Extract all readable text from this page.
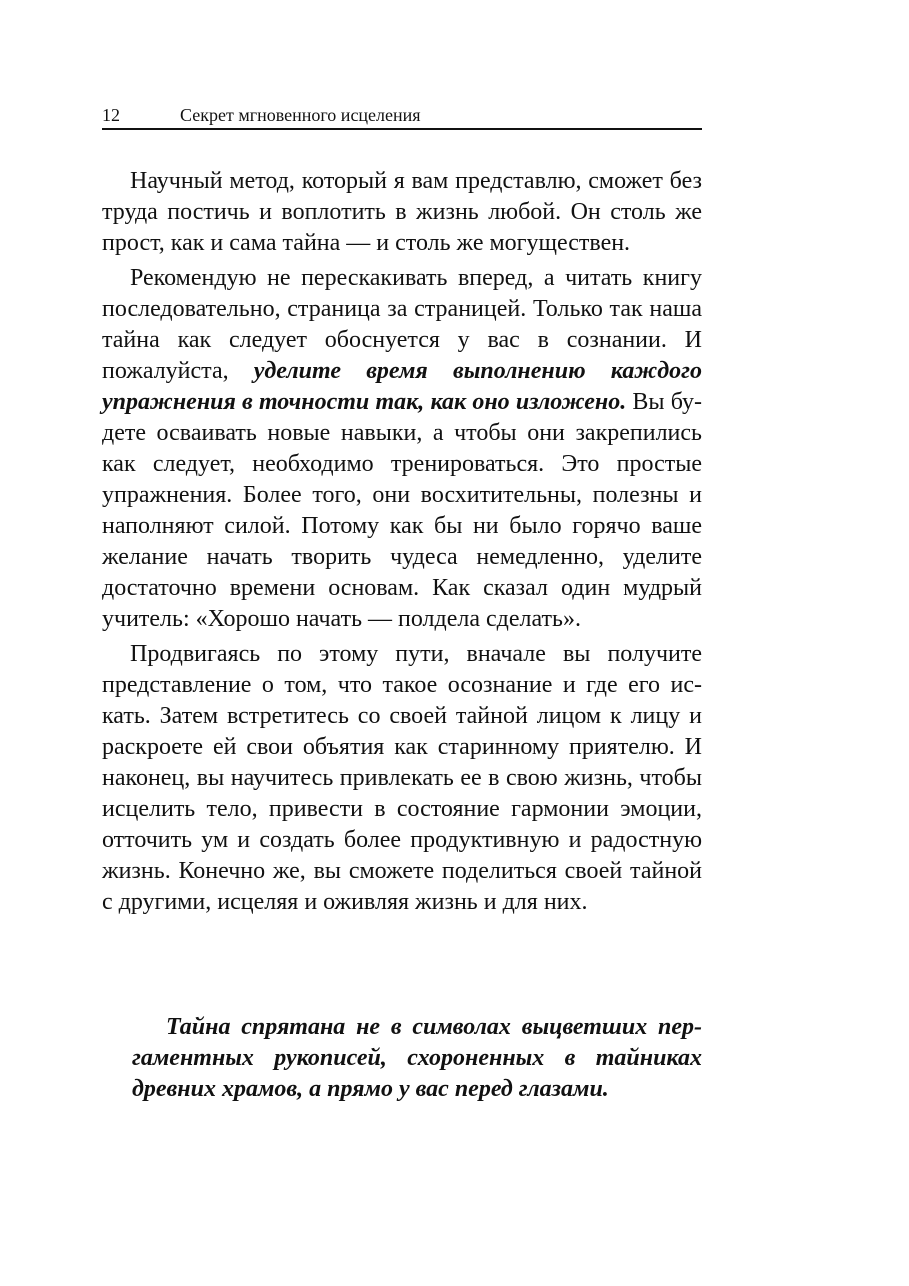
12	Секрет мгновенного исцеления

Научный метод, который я вам представлю, сможет без труда постичь и воплотить в жизнь любой. Он столь же прост, как и сама тайна — и столь же могуществен.

Рекомендую не перескакивать вперед, а читать книгу последовательно, страница за страницей. Только так наша тайна как следует обоснуется у вас в сознании. И пожалуйста, уделите время выполнению каждого упражнения в точности так, как оно изложено. Вы будете осваивать новые навыки, а чтобы они закрепились как следует, необходимо тренироваться. Это простые упражнения. Более того, они восхитительны, полезны и наполняют силой. Потому как бы ни было горячо ваше желание начать творить чудеса немедленно, уделите достаточно времени основам. Как сказал один мудрый учитель: «Хорошо начать — полдела сделать».

Продвигаясь по этому пути, вначале вы получите представление о том, что такое осознание и где его искать. Затем встретитесь со своей тайной лицом к лицу и раскроете ей свои объятия как старинному приятелю. И наконец, вы научитесь привлекать ее в свою жизнь, чтобы исцелить тело, привести в состояние гармонии эмоции, отточить ум и создать более продуктивную и радостную жизнь. Конечно же, вы сможете поделиться своей тайной с другими, исцеляя и оживляя жизнь и для них.

Тайна спрятана не в символах выцветших пергаментных рукописей, схороненных в тайниках древних храмов, а прямо у вас перед глазами.
